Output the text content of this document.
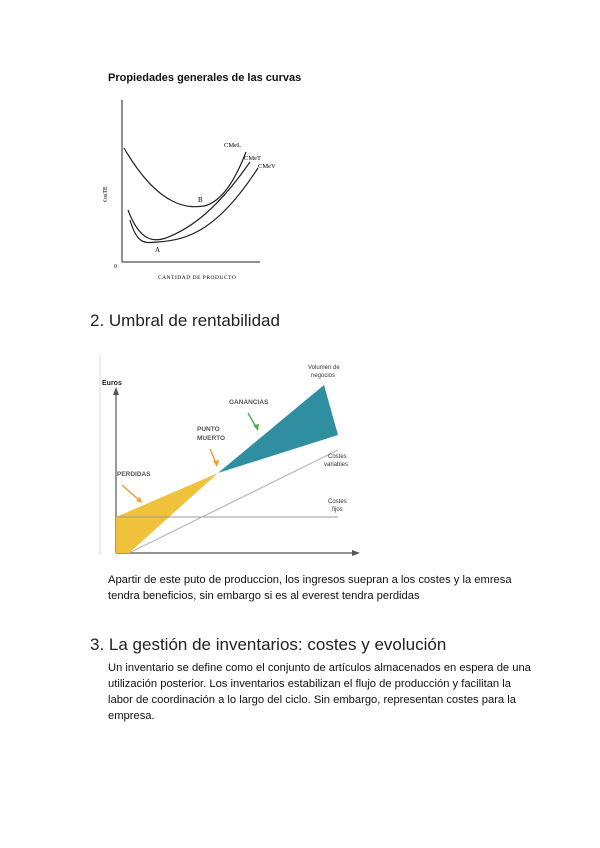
Propiedades generales de las curvas
CMeL
CMeT
CMeV
B
A
0
¢osTE
CANTIDAD DE PRODUCTO
2. Umbral de rentabilidad
Euros
Volumen de
negocios
GANANCIAS
PUNTO
MUERTO
PERDIDAS
Costes
variables
Costes
fijos
Apartir de este puto de produccion, los ingresos suepran a los costes y la emresa tendra beneficios, sin embargo si es al everest tendra perdidas
3. La gestión de inventarios: costes y evolución
Un inventario se define como el conjunto de artículos almacenados en espera de una utilización posterior. Los inventarios estabilizan el flujo de producción y facilitan la labor de coordinación a lo largo del ciclo. Sin embargo, representan costes para la empresa.
